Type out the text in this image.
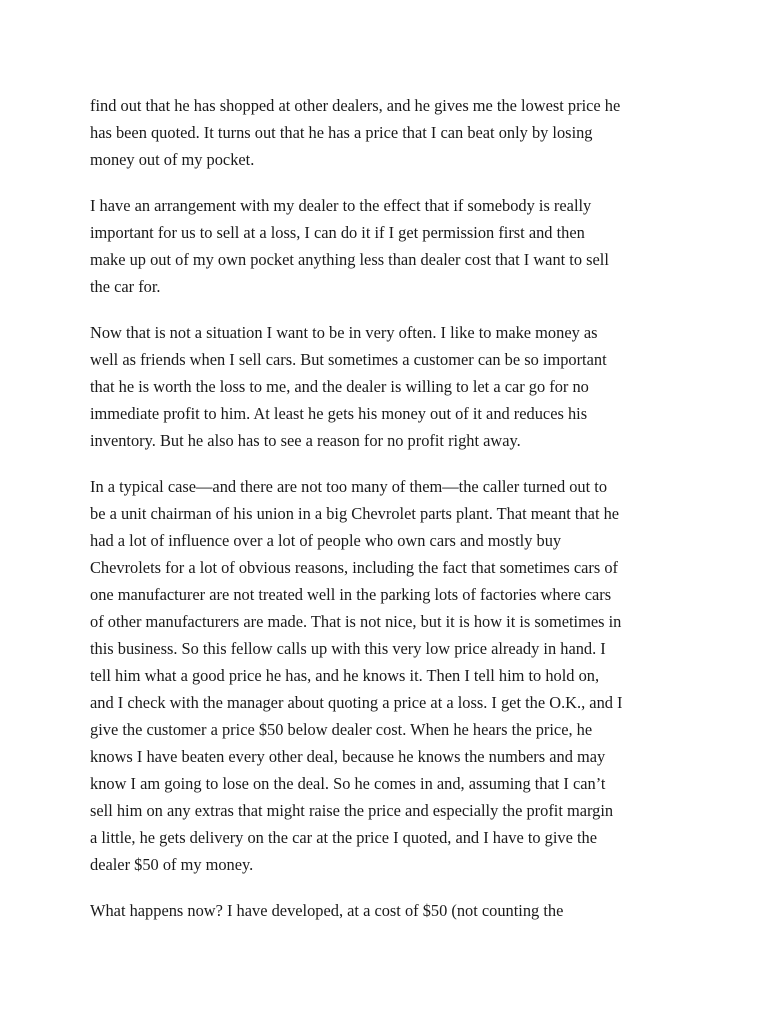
find out that he has shopped at other dealers, and he gives me the lowest price he
has been quoted. It turns out that he has a price that I can beat only by losing
money out of my pocket.

I have an arrangement with my dealer to the effect that if somebody is really
important for us to sell at a loss, I can do it if I get permission first and then
make up out of my own pocket anything less than dealer cost that I want to sell
the car for.

Now that is not a situation I want to be in very often. I like to make money as
well as friends when I sell cars. But sometimes a customer can be so important
that he is worth the loss to me, and the dealer is willing to let a car go for no
immediate profit to him. At least he gets his money out of it and reduces his
inventory. But he also has to see a reason for no profit right away.

In a typical case—and there are not too many of them—the caller turned out to
be a unit chairman of his union in a big Chevrolet parts plant. That meant that he
had a lot of influence over a lot of people who own cars and mostly buy
Chevrolets for a lot of obvious reasons, including the fact that sometimes cars of
one manufacturer are not treated well in the parking lots of factories where cars
of other manufacturers are made. That is not nice, but it is how it is sometimes in
this business. So this fellow calls up with this very low price already in hand. I
tell him what a good price he has, and he knows it. Then I tell him to hold on,
and I check with the manager about quoting a price at a loss. I get the O.K., and I
give the customer a price $50 below dealer cost. When he hears the price, he
knows I have beaten every other deal, because he knows the numbers and may
know I am going to lose on the deal. So he comes in and, assuming that I can’t
sell him on any extras that might raise the price and especially the profit margin
a little, he gets delivery on the car at the price I quoted, and I have to give the
dealer $50 of my money.

What happens now? I have developed, at a cost of $50 (not counting the
